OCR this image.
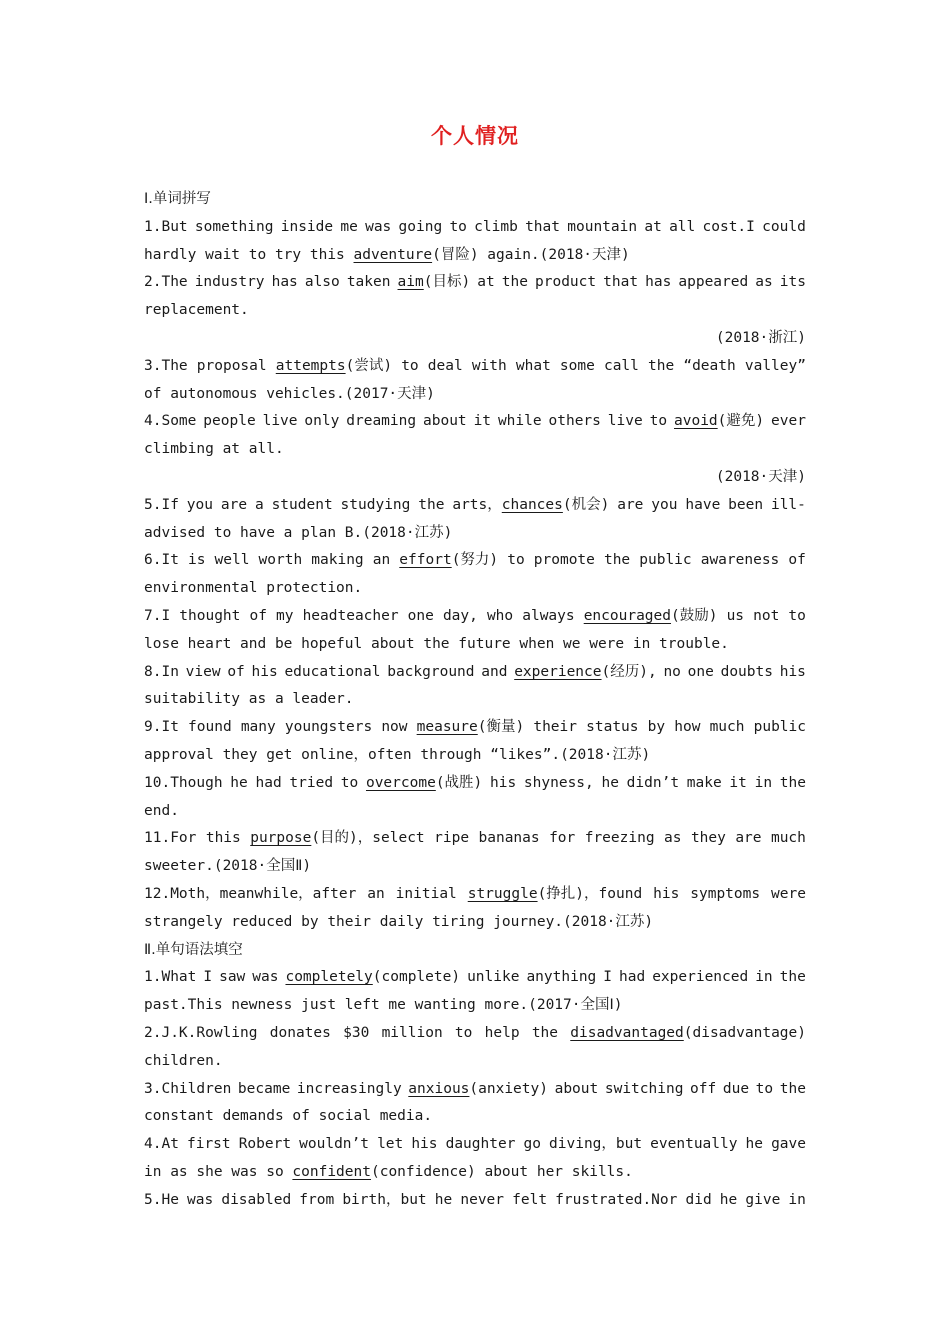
个人情况
Ⅰ.单词拼写
1.But something inside me was going to climb that mountain at all cost.I could
hardly wait to try this adventure(冒险) again.(2018·天津)
2.The industry has also taken aim(目标) at the product that has appeared as its
replacement.
(2018·浙江)
3.The proposal attempts(尝试) to deal with what some call the “death valley”
of autonomous vehicles.(2017·天津)
4.Some people live only dreaming about it while others live to avoid(避免) ever
climbing at all.
(2018·天津)
5.If you are a student studying the arts，chances(机会) are you have been ill-
advised to have a plan B.(2018·江苏)
6.It is well worth making an effort(努力) to promote the public awareness of
environmental protection.
7.I thought of my headteacher one day, who always encouraged(鼓励) us not to
lose heart and be hopeful about the future when we were in trouble.
8.In view of his educational background and experience(经历), no one doubts his
suitability as a leader.
9.It found many youngsters now measure(衡量) their status by how much public
approval they get online，often through “likes”.(2018·江苏)
10.Though he had tried to overcome(战胜) his shyness, he didn’t make it in the
end.
11.For this purpose(目的)，select ripe bananas for freezing as they are much
sweeter.(2018·全国Ⅱ)
12.Moth，meanwhile，after an initial struggle(挣扎)，found his symptoms were
strangely reduced by their daily tiring journey.(2018·江苏)
Ⅱ.单句语法填空
1.What I saw was completely(complete) unlike anything I had experienced in the
past.This newness just left me wanting more.(2017·全国Ⅰ)
2.J.K.Rowling donates $30 million to help the disadvantaged(disadvantage)
children.
3.Children became increasingly anxious(anxiety) about switching off due to the
constant demands of social media.
4.At first Robert wouldn’t let his daughter go diving，but eventually he gave
in as she was so confident(confidence) about her skills.
5.He was disabled from birth，but he never felt frustrated.Nor did he give in
